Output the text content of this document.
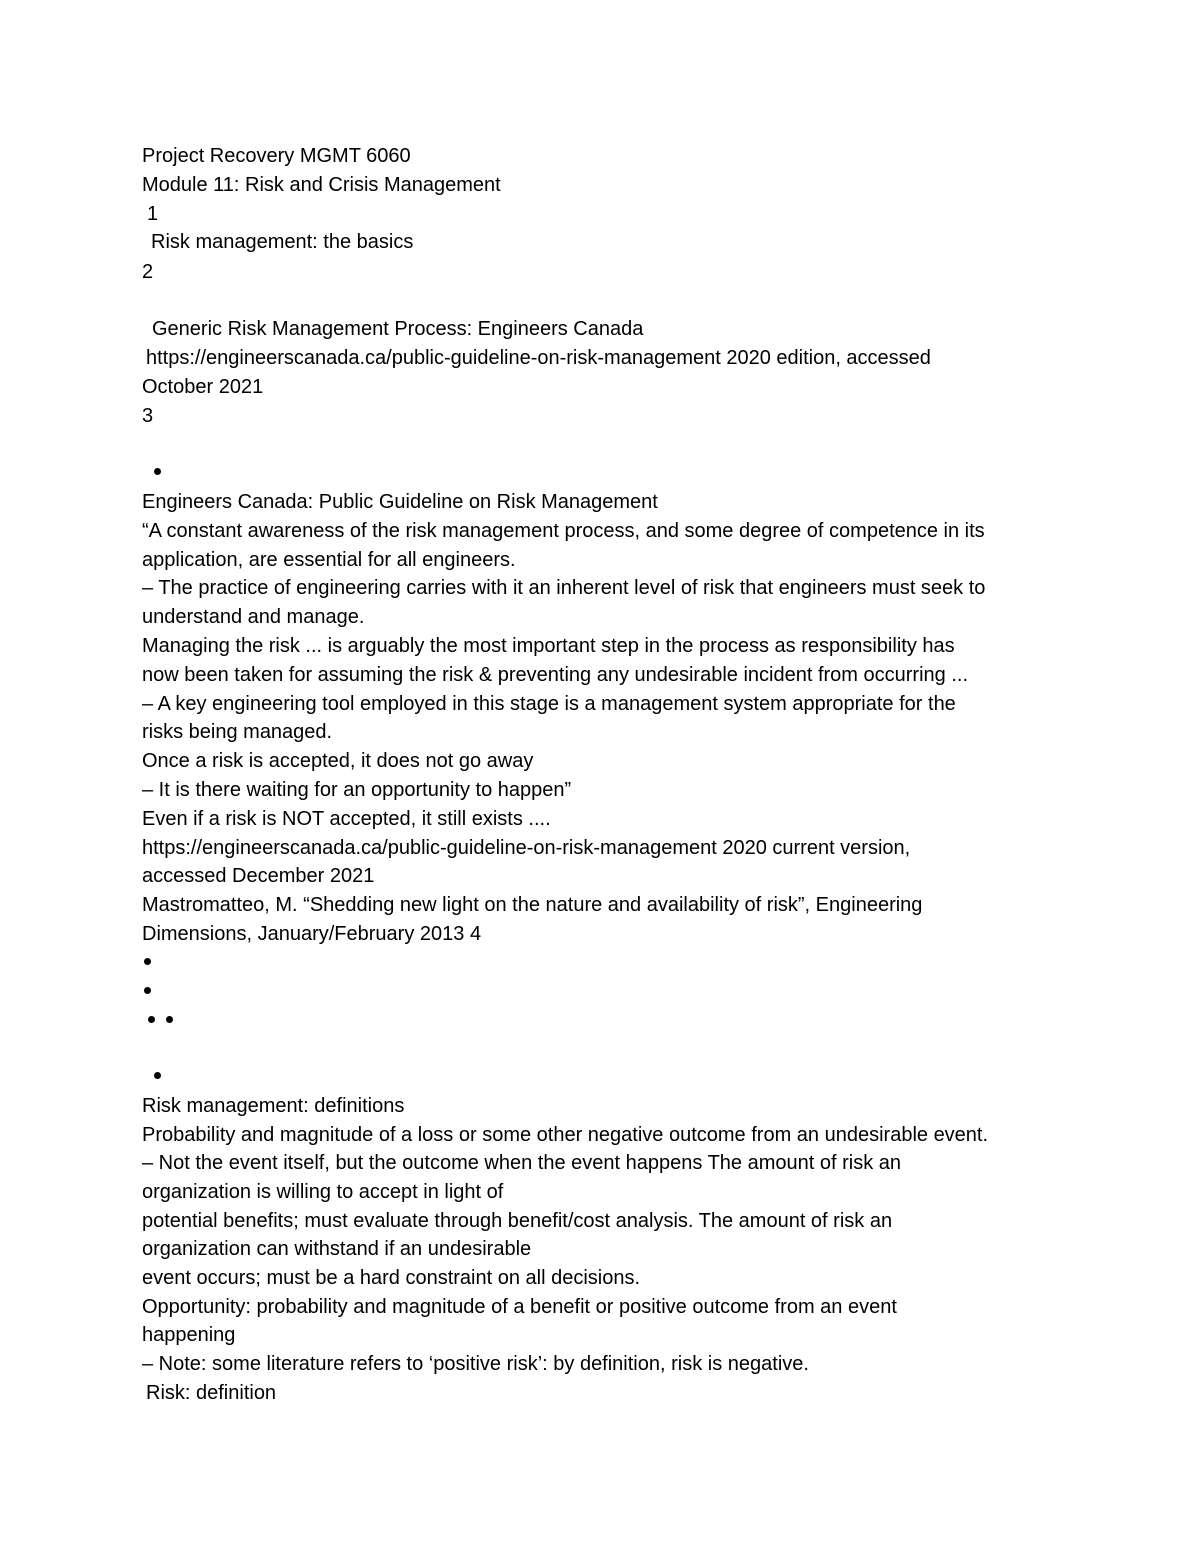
Project Recovery MGMT 6060
Module 11: Risk and Crisis Management
1
Risk management: the basics
2
Generic Risk Management Process: Engineers Canada
https://engineerscanada.ca/public-guideline-on-risk-management 2020 edition, accessed
October 2021
3
Engineers Canada: Public Guideline on Risk Management
“A constant awareness of the risk management process, and some degree of competence in its
application, are essential for all engineers.
– The practice of engineering carries with it an inherent level of risk that engineers must seek to
understand and manage.
Managing the risk ... is arguably the most important step in the process as responsibility has
now been taken for assuming the risk & preventing any undesirable incident from occurring ...
– A key engineering tool employed in this stage is a management system appropriate for the
risks being managed.
Once a risk is accepted, it does not go away
– It is there waiting for an opportunity to happen”
Even if a risk is NOT accepted, it still exists ....
https://engineerscanada.ca/public-guideline-on-risk-management 2020 current version,
accessed December 2021
Mastromatteo, M. “Shedding new light on the nature and availability of risk”, Engineering
Dimensions, January/February 2013 4
Risk management: definitions
Probability and magnitude of a loss or some other negative outcome from an undesirable event.
– Not the event itself, but the outcome when the event happens The amount of risk an
organization is willing to accept in light of
potential benefits; must evaluate through benefit/cost analysis. The amount of risk an
organization can withstand if an undesirable
event occurs; must be a hard constraint on all decisions.
Opportunity: probability and magnitude of a benefit or positive outcome from an event
happening
– Note: some literature refers to ‘positive risk’: by definition, risk is negative.
Risk: definition
